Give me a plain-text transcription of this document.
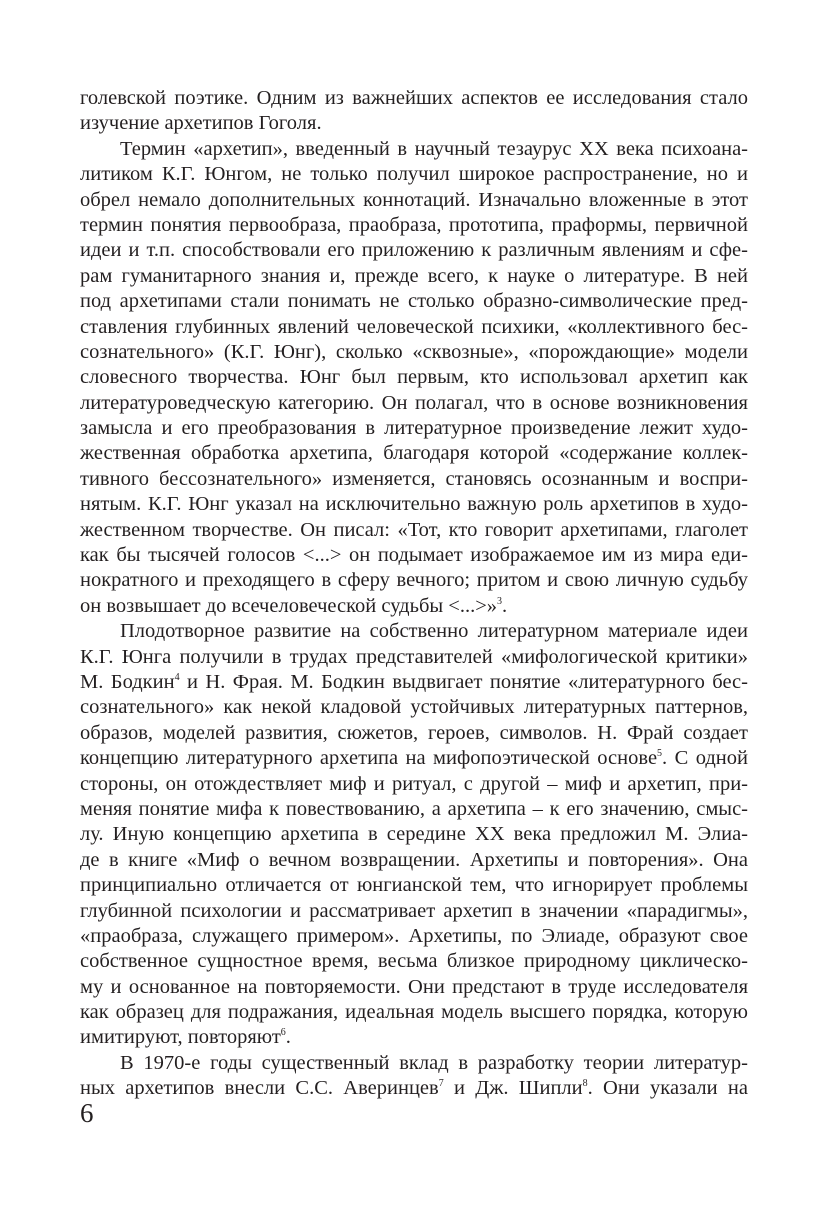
голевской поэтике. Одним из важнейших аспектов ее исследования стало
изучение архетипов Гоголя.
Термин «архетип», введенный в научный тезаурус ХХ века психоана-
литиком К.Г. Юнгом, не только получил широкое распространение, но и
обрел немало дополнительных коннотаций. Изначально вложенные в этот
термин понятия первообраза, праобраза, прототипа, праформы, первичной
идеи и т.п. способствовали его приложению к различным явлениям и сфе-
рам гуманитарного знания и, прежде всего, к науке о литературе. В ней
под архетипами стали понимать не столько образно-символические пред-
ставления глубинных явлений человеческой психики, «коллективного бес-
сознательного» (К.Г. Юнг), сколько «сквозные», «порождающие» модели
словесного творчества. Юнг был первым, кто использовал архетип как
литературоведческую категорию. Он полагал, что в основе возникновения
замысла и его преобразования в литературное произведение лежит худо-
жественная обработка архетипа, благодаря которой «содержание коллек-
тивного бессознательного» изменяется, становясь осознанным и воспри-
нятым. К.Г. Юнг указал на исключительно важную роль архетипов в худо-
жественном творчестве. Он писал: «Тот, кто говорит архетипами, глаголет
как бы тысячей голосов <...> он подымает изображаемое им из мира еди-
нократного и преходящего в сферу вечного; притом и свою личную судьбу
он возвышает до всечеловеческой судьбы <...>»$^3$.
Плодотворное развитие на собственно литературном материале идеи
К.Г. Юнга получили в трудах представителей «мифологической критики»
М. Бодкин$^4$ и Н. Фрая. М. Бодкин выдвигает понятие «литературного бес-
сознательного» как некой кладовой устойчивых литературных паттернов,
образов, моделей развития, сюжетов, героев, символов. Н. Фрай создает
концепцию литературного архетипа на мифопоэтической основе$^5$. С одной
стороны, он отождествляет миф и ритуал, с другой – миф и архетип, при-
меняя понятие мифа к повествованию, а архетипа – к его значению, смыс-
лу. Иную концепцию архетипа в середине ХХ века предложил М. Элиа-
де в книге «Миф о вечном возвращении. Архетипы и повторения». Она
принципиально отличается от юнгианской тем, что игнорирует проблемы
глубинной психологии и рассматривает архетип в значении «парадигмы»,
«праобраза, служащего примером». Архетипы, по Элиаде, образуют свое
собственное сущностное время, весьма близкое природному циклическо-
му и основанное на повторяемости. Они предстают в труде исследователя
как образец для подражания, идеальная модель высшего порядка, которую
имитируют, повторяют$^6$.
В 1970-е годы существенный вклад в разработку теории литератур-
ных архетипов внесли С.С. Аверинцев$^7$ и Дж. Шипли$^8$. Они указали на
6
